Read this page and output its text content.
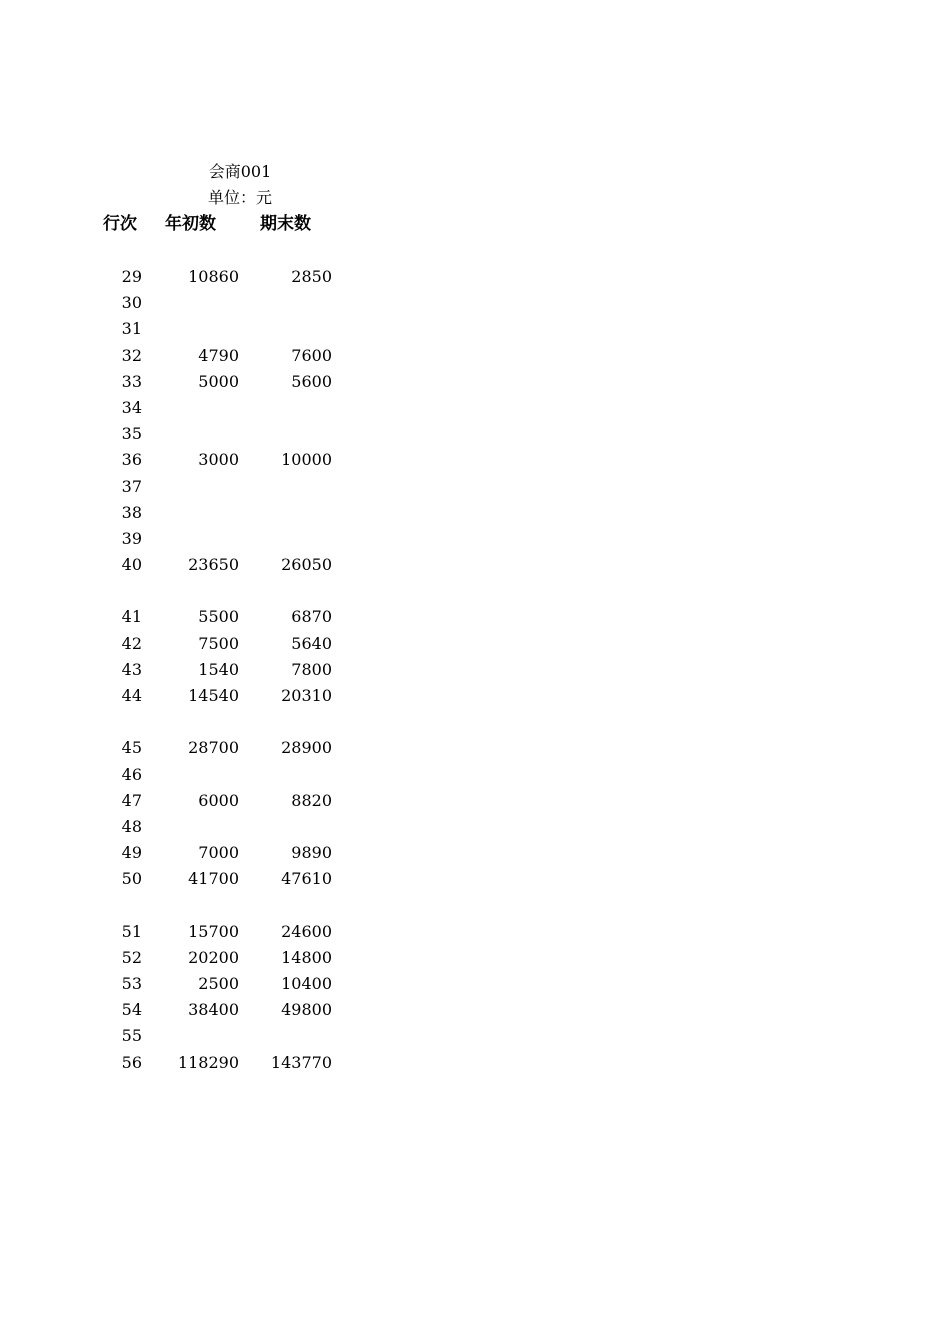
会商001
单位：元
行次 年初数	期末数
29	10860	2850
30
31
32	4790	7600
33	5000	5600
34
35
36	3000	10000
37
38
39
40	23650	26050
41	5500	6870
42	7500	5640
43	1540	7800
44	14540	20310
45	28700	28900
46
47	6000	8820
48
49	7000	9890
50	41700	47610
51	15700	24600
52	20200	14800
53	2500	10400
54	38400	49800
55
56	118290	143770
